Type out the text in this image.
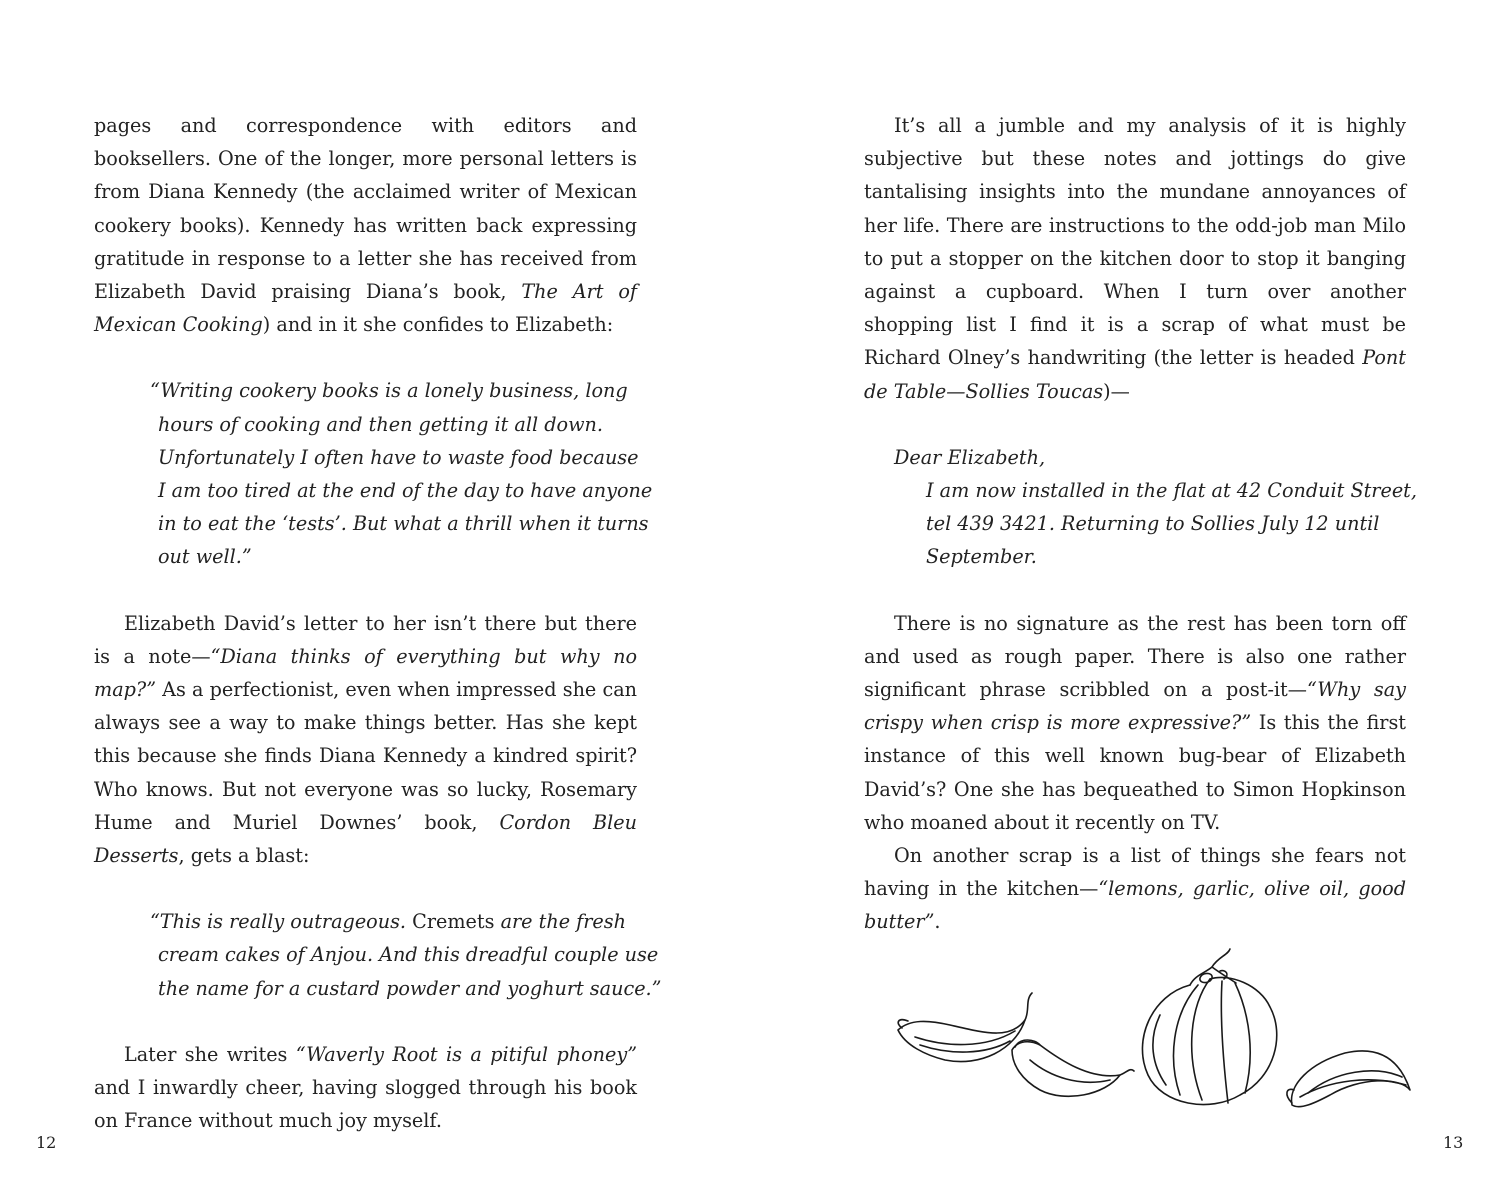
pages and correspondence with editors and booksellers. One of the longer, more personal letters is from Diana Kennedy (the acclaimed writer of Mexican cookery books). Kennedy has written back expressing gratitude in response to a letter she has received from Elizabeth David praising Diana’s book, The Art of Mexican Cooking) and in it she confides to Elizabeth:

“Writing cookery books is a lonely business, long
hours of cooking and then getting it all down.
Unfortunately I often have to waste food because
I am too tired at the end of the day to have anyone
in to eat the ‘tests’. But what a thrill when it turns
out well.”

Elizabeth David’s letter to her isn’t there but there is a note—“Diana thinks of everything but why no map?” As a perfectionist, even when impressed she can always see a way to make things better. Has she kept this because she finds Diana Kennedy a kindred spirit? Who knows. But not everyone was so lucky, Rosemary Hume and Muriel Downes’ book, Cordon Bleu Desserts, gets a blast:

“This is really outrageous. Cremets are the fresh
cream cakes of Anjou. And this dreadful couple use
the name for a custard powder and yoghurt sauce.”

Later she writes “Waverly Root is a pitiful phoney” and I inwardly cheer, having slogged through his book on France without much joy myself.

12

It’s all a jumble and my analysis of it is highly subjective but these notes and jottings do give tantalising insights into the mundane annoyances of her life. There are instructions to the odd-job man Milo to put a stopper on the kitchen door to stop it banging against a cupboard. When I turn over another shopping list I find it is a scrap of what must be Richard Olney’s handwriting (the letter is headed Pont de Table—Sollies Toucas)—

Dear Elizabeth,
I am now installed in the flat at 42 Conduit Street,
tel 439 3421. Returning to Sollies July 12 until
September.

There is no signature as the rest has been torn off and used as rough paper. There is also one rather significant phrase scribbled on a post-it—“Why say crispy when crisp is more expressive?” Is this the first instance of this well known bug-bear of Elizabeth David’s? One she has bequeathed to Simon Hopkinson who moaned about it recently on TV.

On another scrap is a list of things she fears not having in the kitchen—“lemons, garlic, olive oil, good butter”.

13
